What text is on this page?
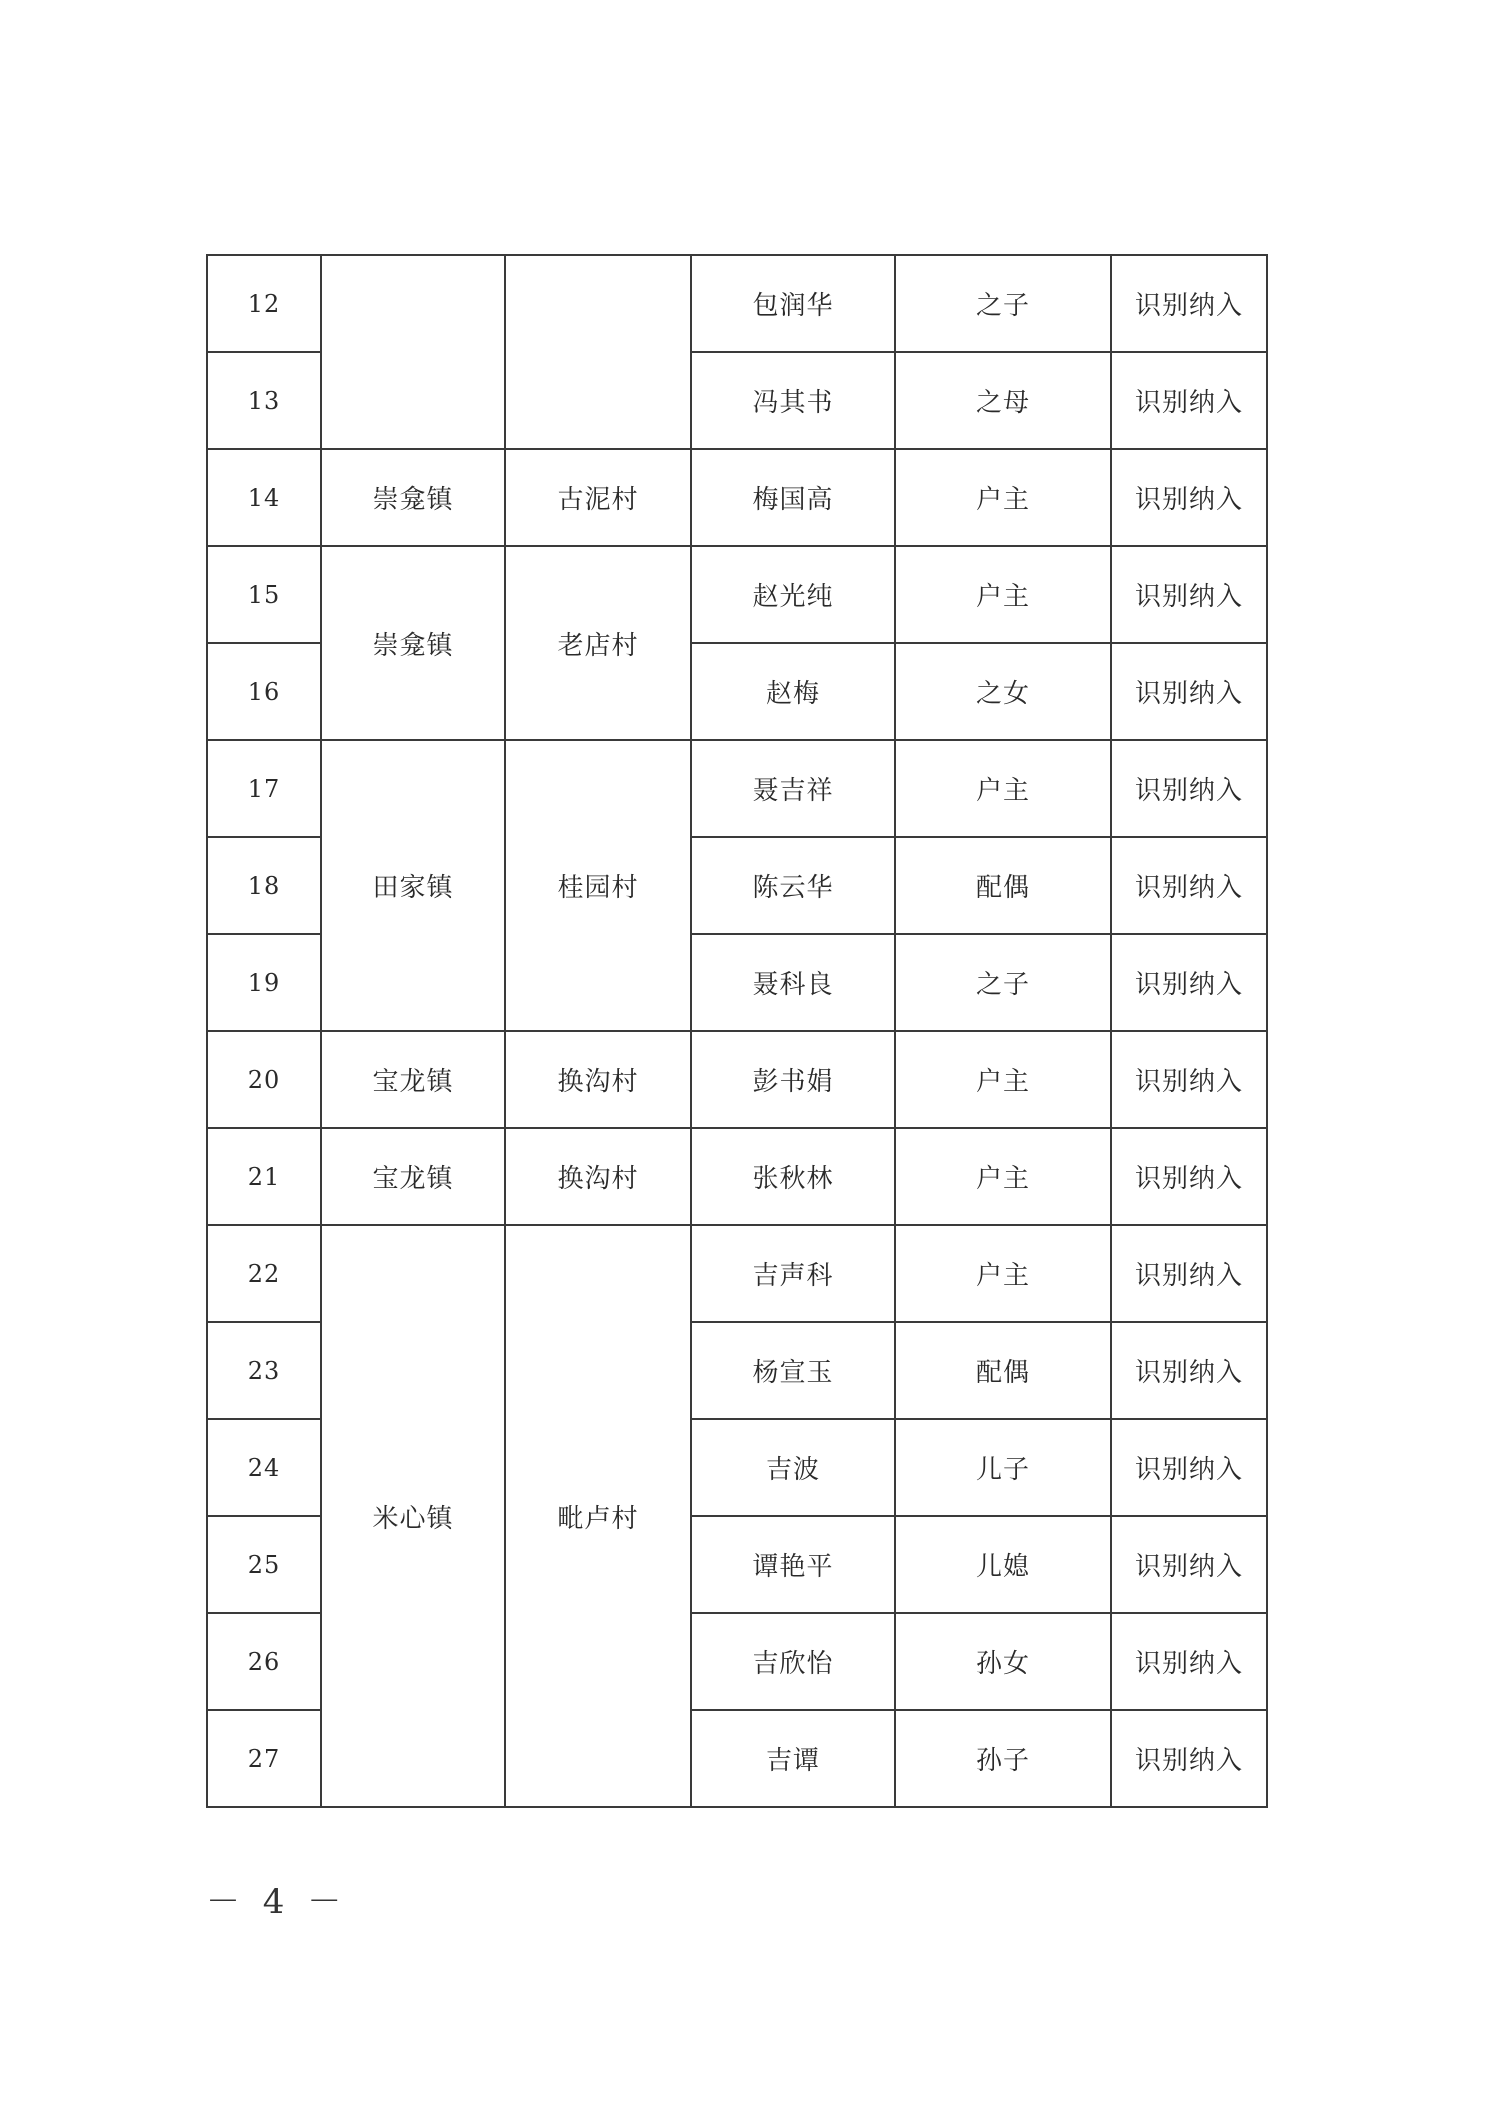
12			包润华	之子	识别纳入
13			冯其书	之母	识别纳入
14	崇龛镇	古泥村	梅国高	户主	识别纳入
15	崇龛镇	老店村	赵光纯	户主	识别纳入
16			赵梅	之女	识别纳入
17	田家镇	桂园村	聂吉祥	户主	识别纳入
18			陈云华	配偶	识别纳入
19			聂科良	之子	识别纳入
20	宝龙镇	换沟村	彭书娟	户主	识别纳入
21	宝龙镇	换沟村	张秋林	户主	识别纳入
22	米心镇	毗卢村	吉声科	户主	识别纳入
23			杨宣玉	配偶	识别纳入
24			吉波	儿子	识别纳入
25			谭艳平	儿媳	识别纳入
26			吉欣怡	孙女	识别纳入
27			吉谭	孙子	识别纳入
－ 4 －
